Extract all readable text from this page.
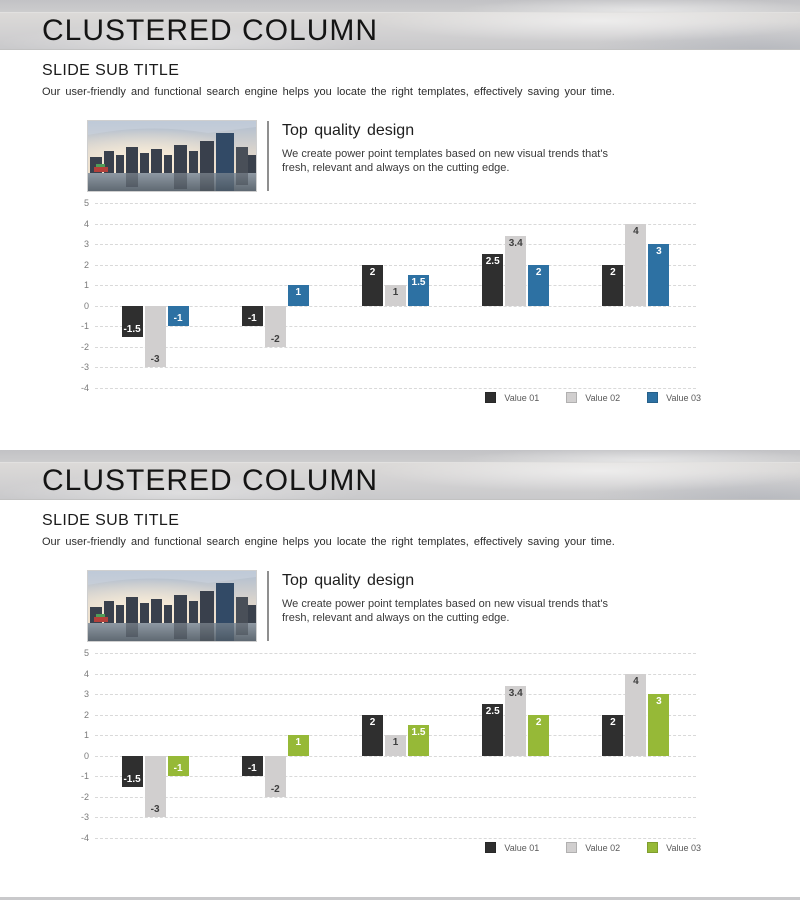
CLUSTERED COLUMN
SLIDE SUB TITLE

Our user-friendly and functional search engine helps you locate the right templates, effectively saving your time.

Top quality design

We create power point templates based on new visual trends that's fresh, relevant and always on the cutting edge.

5
4
3
2
1
0
-1
-2
-3
-4
-1.5
-1
2
2.5
2
-3
-2
1
3.4
4
-1
1
1.5
2
3
Value 01	Value 02	Value 03
CLUSTERED COLUMN
SLIDE SUB TITLE

Our user-friendly and functional search engine helps you locate the right templates, effectively saving your time.

Top quality design

We create power point templates based on new visual trends that's fresh, relevant and always on the cutting edge.

5
4
3
2
1
0
-1
-2
-3
-4
-1.5
-1
2
2.5
2
-3
-2
1
3.4
4
-1
1
1.5
2
3
Value 01	Value 02	Value 03
